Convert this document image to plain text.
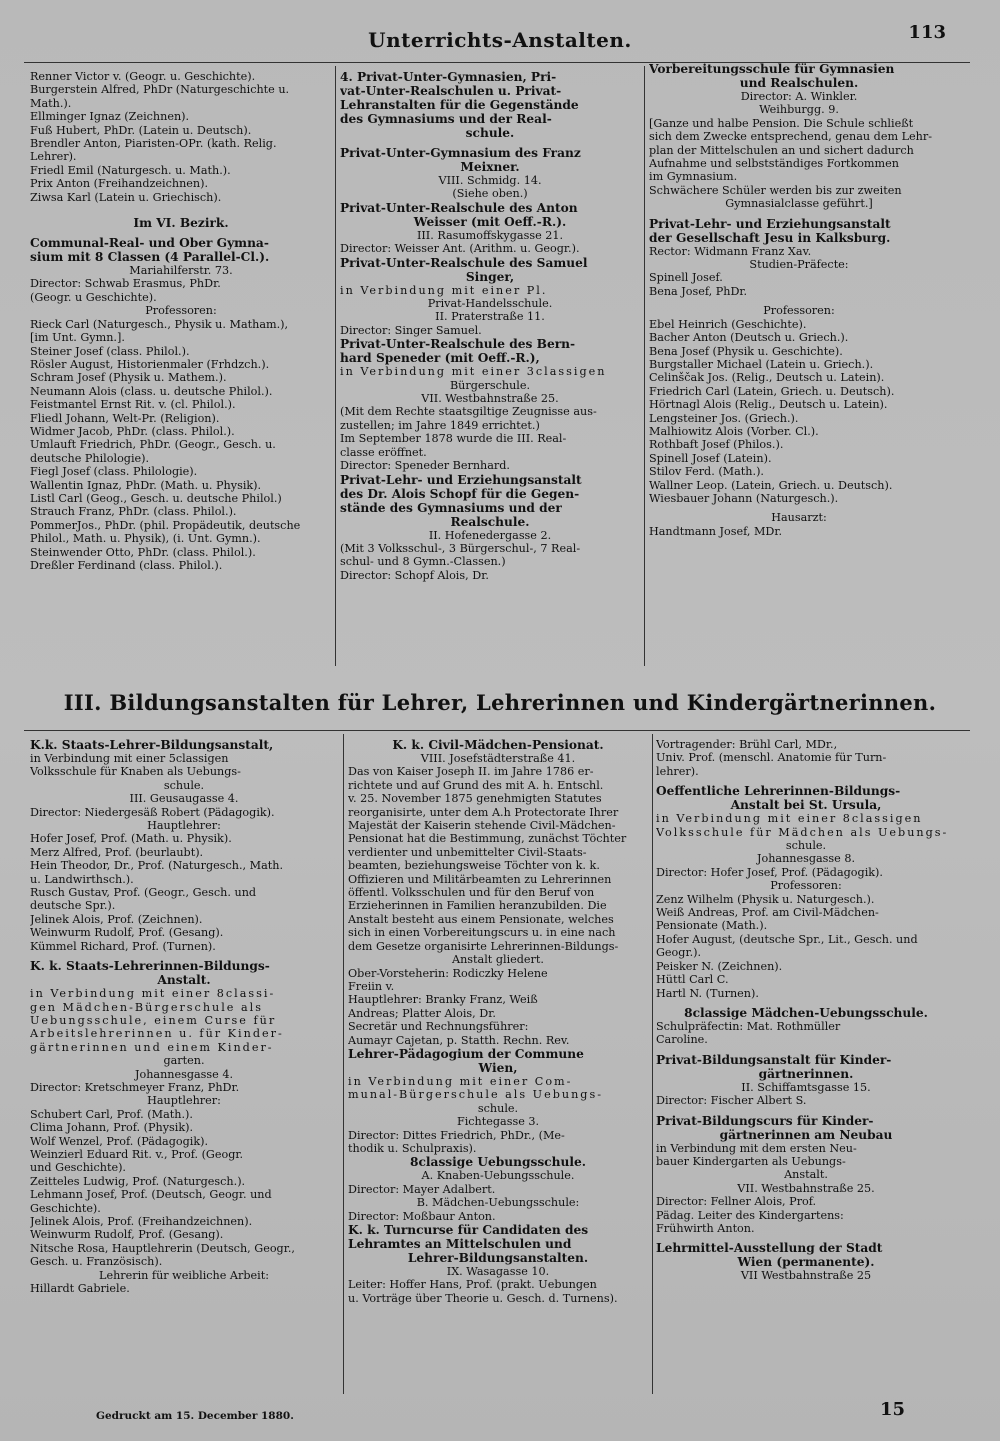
Unterrichts-Anstalten.	113
Renner Victor v. (Geogr. u. Geschichte).
Burgerstein Alfred, PhDr (Naturgeschichte u.
Math.).
Ellminger Ignaz (Zeichnen).
Fuß Hubert, PhDr. (Latein u. Deutsch).
Brendler Anton, Piaristen-OPr. (kath. Relig.
Lehrer).
Friedl Emil (Naturgesch. u. Math.).
Prix Anton (Freihandzeichnen).
Ziwsa Karl (Latein u. Griechisch).
Im VI. Bezirk.
Communal-Real- und Ober Gymna-
sium mit 8 Classen (4 Parallel-Cl.).
Mariahilferstr. 73.
Director: Schwab Erasmus, PhDr.
(Geogr. u Geschichte).
Professoren:
Rieck Carl (Naturgesch., Physik u. Matham.),
[im Unt. Gymn.].
Steiner Josef (class. Philol.).
Rösler August, Historienmaler (Frhdzch.).
Schram Josef (Physik u. Mathem.).
Neumann Alois (class. u. deutsche Philol.).
Feistmantel Ernst Rit. v. (cl. Philol.).
Fliedl Johann, Welt-Pr. (Religion).
Widmer Jacob, PhDr. (class. Philol.).
Umlauft Friedrich, PhDr. (Geogr., Gesch. u.
deutsche Philologie).
Fiegl Josef (class. Philologie).
Wallentin Ignaz, PhDr. (Math. u. Physik).
Listl Carl (Geog., Gesch. u. deutsche Philol.)
Strauch Franz, PhDr. (class. Philol.).
PommerJos., PhDr. (phil. Propädeutik, deutsche
Philol., Math. u. Physik), (i. Unt. Gymn.).
Steinwender Otto, PhDr. (class. Philol.).
Dreßler Ferdinand (class. Philol.).
4. Privat-Unter-Gymnasien, Pri-
vat-Unter-Realschulen u. Privat-
Lehranstalten für die Gegenstände
des Gymnasiums und der Real-
schule.
Privat-Unter-Gymnasium des Franz
Meixner.
VIII. Schmidg. 14.
(Siehe oben.)
Privat-Unter-Realschule des Anton
Weisser (mit Oeff.-R.).
III. Rasumoffskygasse 21.
Director: Weisser Ant. (Arithm. u. Geogr.).
Privat-Unter-Realschule des Samuel
Singer,
in Verbindung mit einer Pl.
Privat-Handelsschule.
II. Praterstraße 11.
Director: Singer Samuel.
Privat-Unter-Realschule des Bern-
hard Speneder (mit Oeff.-R.),
in Verbindung mit einer 3classigen
Bürgerschule.
VII. Westbahnstraße 25.
(Mit dem Rechte staatsgiltige Zeugnisse aus-
zustellen; im Jahre 1849 errichtet.)
Im September 1878 wurde die III. Real-
classe eröffnet.
Director: Speneder Bernhard.
Privat-Lehr- und Erziehungsanstalt
des Dr. Alois Schopf für die Gegen-
stände des Gymnasiums und der
Realschule.
II. Hofenedergasse 2.
(Mit 3 Volksschul-, 3 Bürgerschul-, 7 Real-
schul- und 8 Gymn.-Classen.)
Director: Schopf Alois, Dr.
Vorbereitungsschule für Gymnasien
und Realschulen.
Director: A. Winkler.
Weihburgg. 9.
[Ganze und halbe Pension. Die Schule schließt
sich dem Zwecke entsprechend, genau dem Lehr-
plan der Mittelschulen an und sichert dadurch
Aufnahme und selbstständiges Fortkommen
im Gymnasium.
Schwächere Schüler werden bis zur zweiten
Gymnasialclasse geführt.]
Privat-Lehr- und Erziehungsanstalt
der Gesellschaft Jesu in Kalksburg.
Rector: Widmann Franz Xav.
Studien-Präfecte:
Spinell Josef.
Bena Josef, PhDr.
Professoren:
Ebel Heinrich (Geschichte).
Bacher Anton (Deutsch u. Griech.).
Bena Josef (Physik u. Geschichte).
Burgstaller Michael (Latein u. Griech.).
Celinščak Jos. (Relig., Deutsch u. Latein).
Friedrich Carl (Latein, Griech. u. Deutsch).
Hörtnagl Alois (Relig., Deutsch u. Latein).
Lengsteiner Jos. (Griech.).
Malhiowitz Alois (Vorber. Cl.).
Rothbaft Josef (Philos.).
Spinell Josef (Latein).
Stilov Ferd. (Math.).
Wallner Leop. (Latein, Griech. u. Deutsch).
Wiesbauer Johann (Naturgesch.).
Hausarzt:
Handtmann Josef, MDr.
III. Bildungsanstalten für Lehrer, Lehrerinnen und Kindergärtnerinnen.
K.k. Staats-Lehrer-Bildungsanstalt,
in Verbindung mit einer 5classigen
Volksschule für Knaben als Uebungs-
schule.
III. Geusaugasse 4.
Director: Niedergesäß Robert (Pädagogik).
Hauptlehrer:
Hofer Josef, Prof. (Math. u. Physik).
Merz Alfred, Prof. (beurlaubt).
Hein Theodor, Dr., Prof. (Naturgesch., Math.
u. Landwirthsch.).
Rusch Gustav, Prof. (Geogr., Gesch. und
deutsche Spr.).
Jelinek Alois, Prof. (Zeichnen).
Weinwurm Rudolf, Prof. (Gesang).
Kümmel Richard, Prof. (Turnen).
K. k. Staats-Lehrerinnen-Bildungs-
Anstalt.
in Verbindung mit einer 8classi-
gen Mädchen-Bürgerschule als
Uebungsschule, einem Curse für
Arbeitslehrerinnen u. für Kinder-
gärtnerinnen und einem Kinder-
garten.
Johannesgasse 4.
Director: Kretschmeyer Franz, PhDr.
Hauptlehrer:
Schubert Carl, Prof. (Math.).
Clima Johann, Prof. (Physik).
Wolf Wenzel, Prof. (Pädagogik).
Weinzierl Eduard Rit. v., Prof. (Geogr.
und Geschichte).
Zeitteles Ludwig, Prof. (Naturgesch.).
Lehmann Josef, Prof. (Deutsch, Geogr. und
Geschichte).
Jelinek Alois, Prof. (Freihandzeichnen).
Weinwurm Rudolf, Prof. (Gesang).
Nitsche Rosa, Hauptlehrerin (Deutsch, Geogr.,
Gesch. u. Französisch).
Lehrerin für weibliche Arbeit:
Hillardt Gabriele.
K. k. Civil-Mädchen-Pensionat.
VIII. Josefstädterstraße 41.
Das von Kaiser Joseph II. im Jahre 1786 er-
richtete und auf Grund des mit A. h. Entschl.
v. 25. November 1875 genehmigten Statutes
reorganisirte, unter dem A.h Protectorate Ihrer
Majestät der Kaiserin stehende Civil-Mädchen-
Pensionat hat die Bestimmung, zunächst Töchter
verdienter und unbemittelter Civil-Staats-
beamten, beziehungsweise Töchter von k. k.
Offizieren und Militärbeamten zu Lehrerinnen
öffentl. Volksschulen und für den Beruf von
Erzieherinnen in Familien heranzubilden. Die
Anstalt besteht aus einem Pensionate, welches
sich in einen Vorbereitungscurs u. in eine nach
dem Gesetze organisirte Lehrerinnen-Bildungs-
Anstalt gliedert.
Ober-Vorsteherin: Rodiczky Helene
Freiin v.
Hauptlehrer: Branky Franz, Weiß
Andreas; Platter Alois, Dr.
Secretär und Rechnungsführer:
Aumayr Cajetan, p. Statth. Rechn. Rev.
Lehrer-Pädagogium der Commune
Wien,
in Verbindung mit einer Com-
munal-Bürgerschule als Uebungs-
schule.
Fichtegasse 3.
Director: Dittes Friedrich, PhDr., (Me-
thodik u. Schulpraxis).
8classige Uebungsschule.
A. Knaben-Uebungsschule.
Director: Mayer Adalbert.
B. Mädchen-Uebungsschule:
Director: Moßbaur Anton.
K. k. Turncurse für Candidaten des
Lehramtes an Mittelschulen und
Lehrer-Bildungsanstalten.
IX. Wasagasse 10.
Leiter: Hoffer Hans, Prof. (prakt. Uebungen
u. Vorträge über Theorie u. Gesch. d. Turnens).
Vortragender: Brühl Carl, MDr.,
Univ. Prof. (menschl. Anatomie für Turn-
lehrer).
Oeffentliche Lehrerinnen-Bildungs-
Anstalt bei St. Ursula,
in Verbindung mit einer 8classigen
Volksschule für Mädchen als Uebungs-
schule.
Johannesgasse 8.
Director: Hofer Josef, Prof. (Pädagogik).
Professoren:
Zenz Wilhelm (Physik u. Naturgesch.).
Weiß Andreas, Prof. am Civil-Mädchen-
Pensionate (Math.).
Hofer August, (deutsche Spr., Lit., Gesch. und
Geogr.).
Peisker N. (Zeichnen).
Hüttl Carl C.
Hartl N. (Turnen).
8classige Mädchen-Uebungsschule.
Schulpräfectin: Mat. Rothmüller
Caroline.
Privat-Bildungsanstalt für Kinder-
gärtnerinnen.
II. Schiffamtsgasse 15.
Director: Fischer Albert S.
Privat-Bildungscurs für Kinder-
gärtnerinnen am Neubau
in Verbindung mit dem ersten Neu-
bauer Kindergarten als Uebungs-
Anstalt.
VII. Westbahnstraße 25.
Director: Fellner Alois, Prof.
Pädag. Leiter des Kindergartens:
Frühwirth Anton.
Lehrmittel-Ausstellung der Stadt
Wien (permanente).
VII Westbahnstraße 25
Gedruckt am 15. December 1880.	15
